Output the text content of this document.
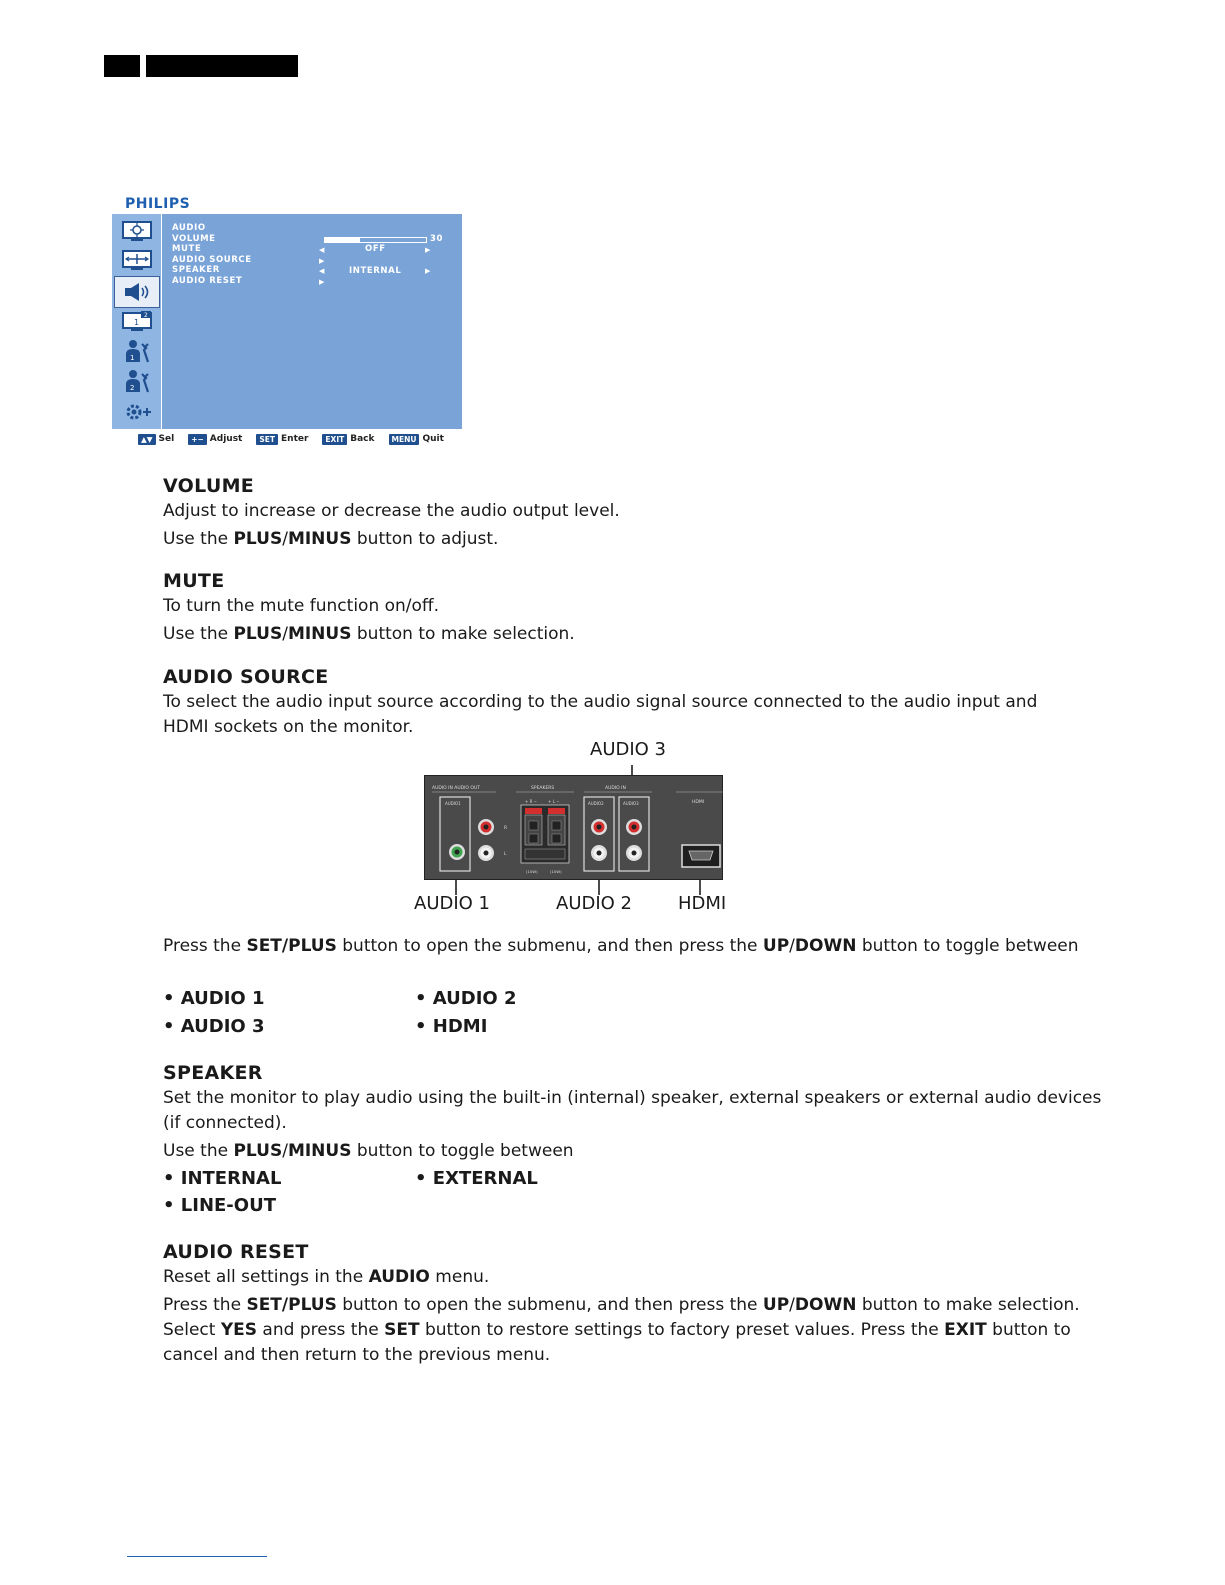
PHILIPS
1
2
1
2
AUDIO
VOLUME
MUTE
AUDIO SOURCE
SPEAKER
AUDIO RESET
30
◀	OFF	▶
▶
◀	INTERNAL	▶
▶
▲▼ Sel	+− Adjust	SET Enter	EXIT Back	MENU Quit
VOLUME
Adjust to increase or decrease the audio output level.
Use the PLUS/MINUS button to adjust.
MUTE
To turn the mute function on/off.
Use the PLUS/MINUS button to make selection.
AUDIO SOURCE
To select the audio input source according to the audio signal source connected to the audio input and HDMI sockets on the monitor.
AUDIO 3
AUDIO IN AUDIO OUT	SPEAKERS	AUDIO IN
HDMI
AUDIO1
R
L
+ R −	+ L −
(10W)	(10W)
AUDIO2	AUDIO3
AUDIO 1	AUDIO 2	HDMI
Press the SET/PLUS button to open the submenu, and then press the UP/DOWN button to toggle between
• AUDIO 1	• AUDIO 2
• AUDIO 3	• HDMI
SPEAKER
Set the monitor to play audio using the built-in (internal) speaker, external speakers or external audio devices (if connected).
Use the PLUS/MINUS button to toggle between
• INTERNAL	• EXTERNAL
• LINE-OUT
AUDIO RESET
Reset all settings in the AUDIO menu.
Press the SET/PLUS button to open the submenu, and then press the UP/DOWN button to make selection. Select YES and press the SET button to restore settings to factory preset values. Press the EXIT button to cancel and then return to the previous menu.
